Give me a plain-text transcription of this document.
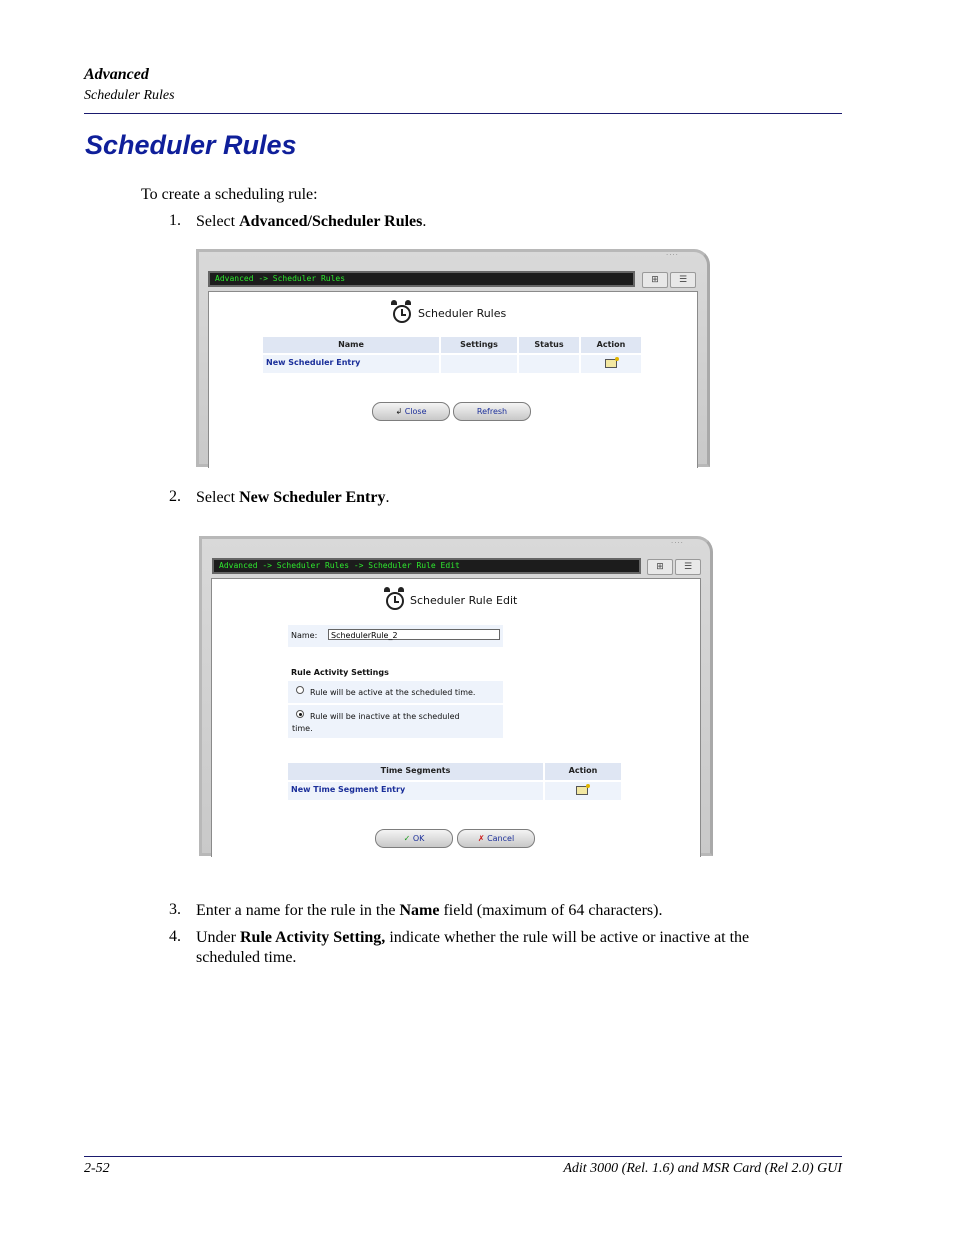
Advanced
Scheduler Rules
Scheduler Rules
To create a scheduling rule:
1. Select Advanced/Scheduler Rules.
····
Advanced -> Scheduler Rules	⊞	☰
Scheduler Rules
Name	Settings	Status	Action
New Scheduler Entry
↲ Close	Refresh
2. Select New Scheduler Entry.
····
Advanced -> Scheduler Rules -> Scheduler Rule Edit	⊞	☰
Scheduler Rule Edit
Name:	SchedulerRule_2
Rule Activity Settings
Rule will be active at the scheduled time.
Rule will be inactive at the scheduled
time.
Time Segments	Action
New Time Segment Entry
✓ OK	✗ Cancel
3. Enter a name for the rule in the Name field (maximum of 64 characters).
4. Under Rule Activity Setting, indicate whether the rule will be active or inactive at the
scheduled time.
2-52	Adit 3000 (Rel. 1.6) and MSR Card (Rel 2.0) GUI
